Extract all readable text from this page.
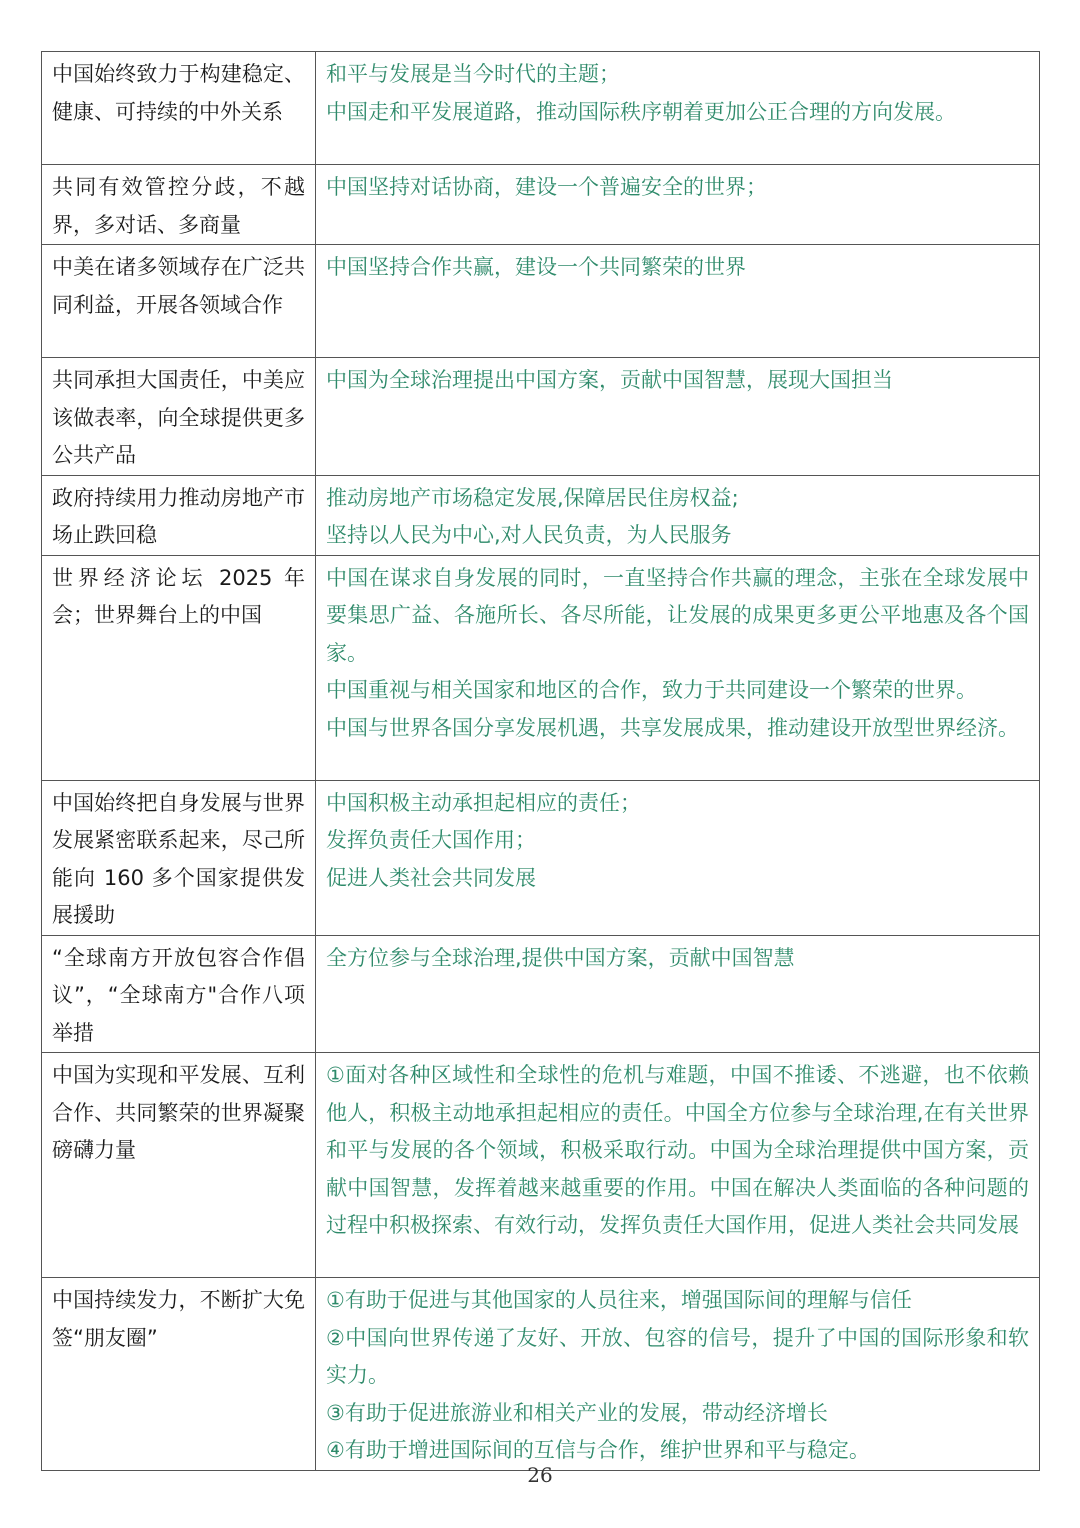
中国始终致力于构建稳定、健康、可持续的中外关系	和平与发展是当今时代的主题；
中国走和平发展道路，推动国际秩序朝着更加公正合理的方向发展。

共同有效管控分歧，不越界，多对话、多商量	中国坚持对话协商，建设一个普遍安全的世界；

中美在诸多领域存在广泛共同利益，开展各领域合作	中国坚持合作共赢，建设一个共同繁荣的世界

共同承担大国责任，中美应该做表率，向全球提供更多公共产品	中国为全球治理提出中国方案，贡献中国智慧，展现大国担当

政府持续用力推动房地产市场止跌回稳	推动房地产市场稳定发展,保障居民住房权益;
坚持以人民为中心,对人民负责，为人民服务

世界经济论坛 2025 年会；世界舞台上的中国	中国在谋求自身发展的同时，一直坚持合作共赢的理念，主张在全球发展中要集思广益、各施所长、各尽所能，让发展的成果更多更公平地惠及各个国家。
中国重视与相关国家和地区的合作，致力于共同建设一个繁荣的世界。
中国与世界各国分享发展机遇，共享发展成果，推动建设开放型世界经济。

中国始终把自身发展与世界发展紧密联系起来，尽己所能向 160 多个国家提供发展援助	中国积极主动承担起相应的责任；
发挥负责任大国作用；
促进人类社会共同发展

“全球南方开放包容合作倡议”，“全球南方"合作八项举措	全方位参与全球治理,提供中国方案，贡献中国智慧

中国为实现和平发展、互利合作、共同繁荣的世界凝聚磅礴力量	①面对各种区域性和全球性的危机与难题，中国不推诿、不逃避，也不依赖他人，积极主动地承担起相应的责任。中国全方位参与全球治理,在有关世界和平与发展的各个领域，积极采取行动。中国为全球治理提供中国方案，贡献中国智慧，发挥着越来越重要的作用。中国在解决人类面临的各种问题的过程中积极探索、有效行动，发挥负责任大国作用，促进人类社会共同发展

中国持续发力，不断扩大免签“朋友圈”	①有助于促进与其他国家的人员往来，增强国际间的理解与信任
②中国向世界传递了友好、开放、包容的信号，提升了中国的国际形象和软实力。
③有助于促进旅游业和相关产业的发展，带动经济增长
④有助于增进国际间的互信与合作，维护世界和平与稳定。
26
